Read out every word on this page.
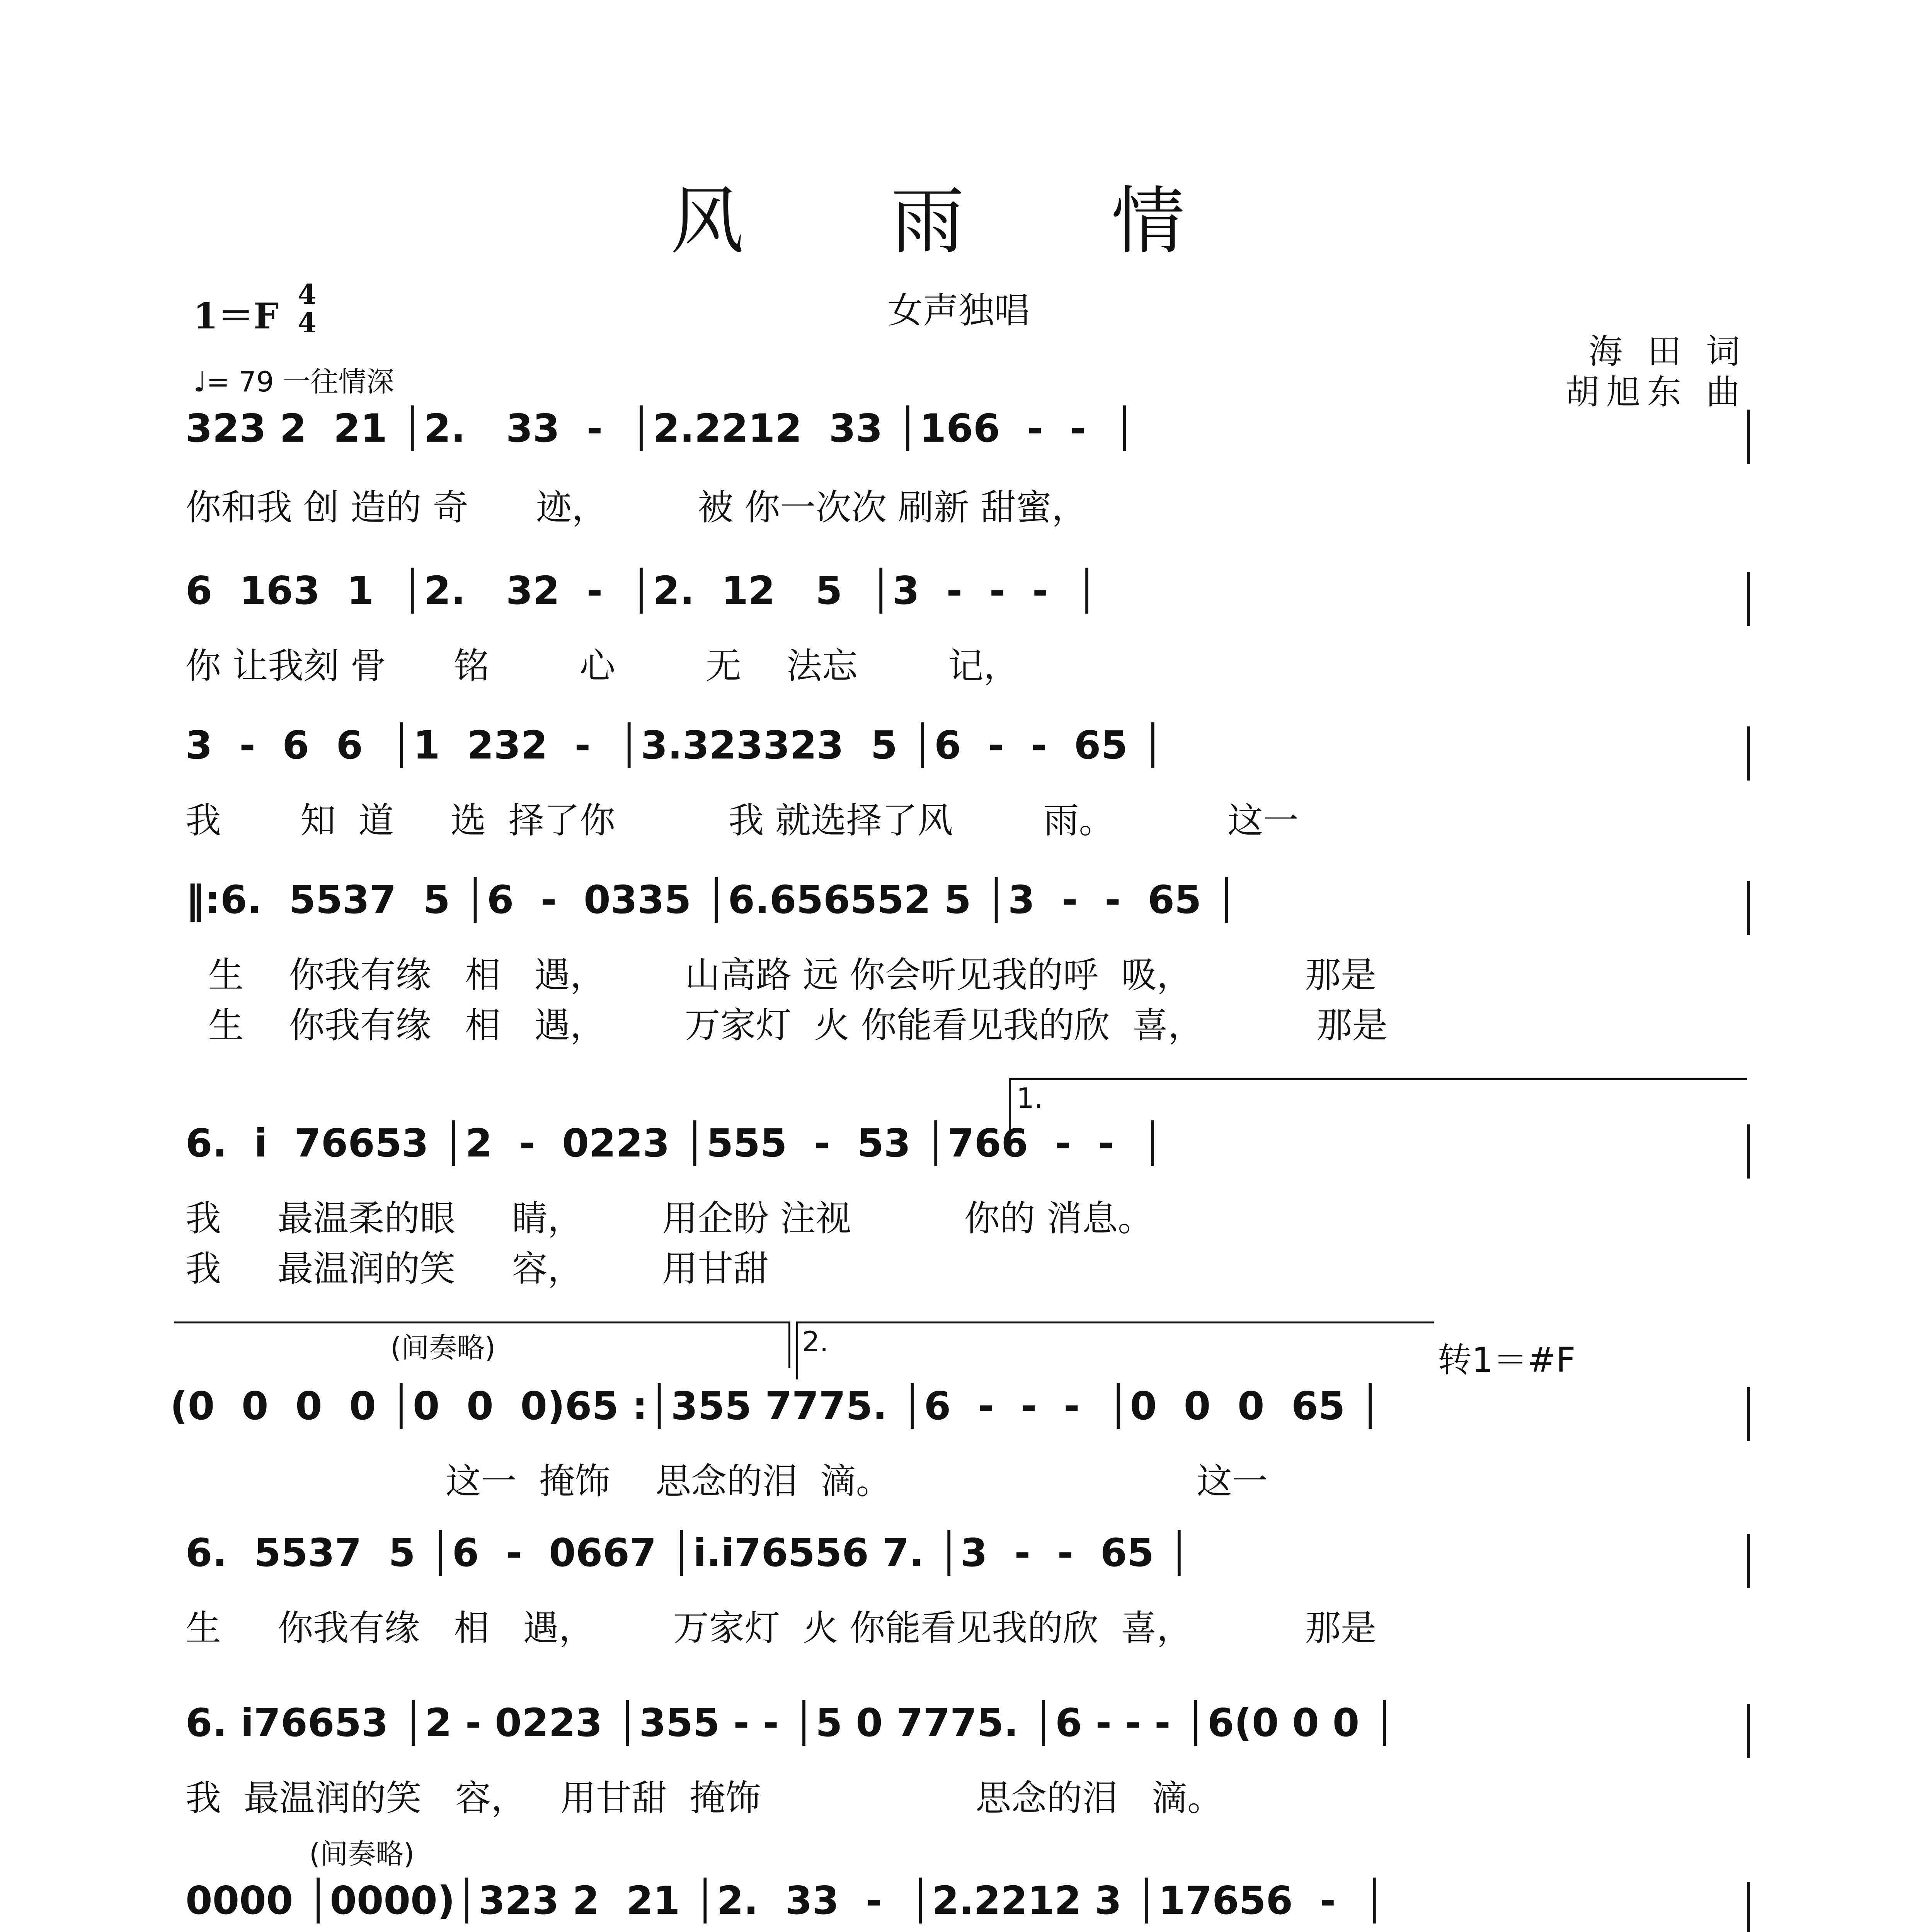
风 雨 情
女声独唱
1＝F
4
4
♩= 79 一往情深
海 田 词
胡旭东 曲
1.
(间奏略)	2.	转1＝#F
(间奏略)
323 2  21 │2.   33  -  │2.2212  33 │166  -  -  │
你和我 创 造的 奇      迹，        被 你一次次 刷新 甜蜜，
6  163  1  │2.   32  -  │2.  12   5  │3  -  -  -  │
你 让我刻 骨      铭        心        无    法忘        记，
3  -  6  6  │1  232  -  │3.323323  5 │6  -  -  65 │
我       知  道     选  择了你          我 就选择了风        雨。          这一
‖:6.  5537  5 │6  -  0335 │6.656552 5 │3  -  -  65 │
生    你我有缘   相   遇，       山高路 远 你会听见我的呼  吸，          那是
生    你我有缘   相   遇，       万家灯  火 你能看见我的欣  喜，          那是
6.  i  76653 │2  -  0223 │555  -  53 │766  -  -  │
我     最温柔的眼     睛，       用企盼 注视          你的 消息。
我     最温润的笑     容，       用甘甜
(0  0  0  0 │0  0  0)65 :│355 7775. │6  -  -  -  │0  0  0  65 │
这一  掩饰    思念的泪  滴。                           这一
6.  5537  5 │6  -  0667 │i.i76556 7. │3  -  -  65 │
生     你我有缘   相   遇，       万家灯  火 你能看见我的欣  喜，          那是
6. i76653 │2 - 0223 │355 - - │5 0 7775. │6 - - - │6(0 0 0 │
我  最温润的笑   容，   用甘甜  掩饰                   思念的泪   滴。
0000 │0000)│323 2  21 │2.  33  -  │2.2212 3 │17656  -  │
